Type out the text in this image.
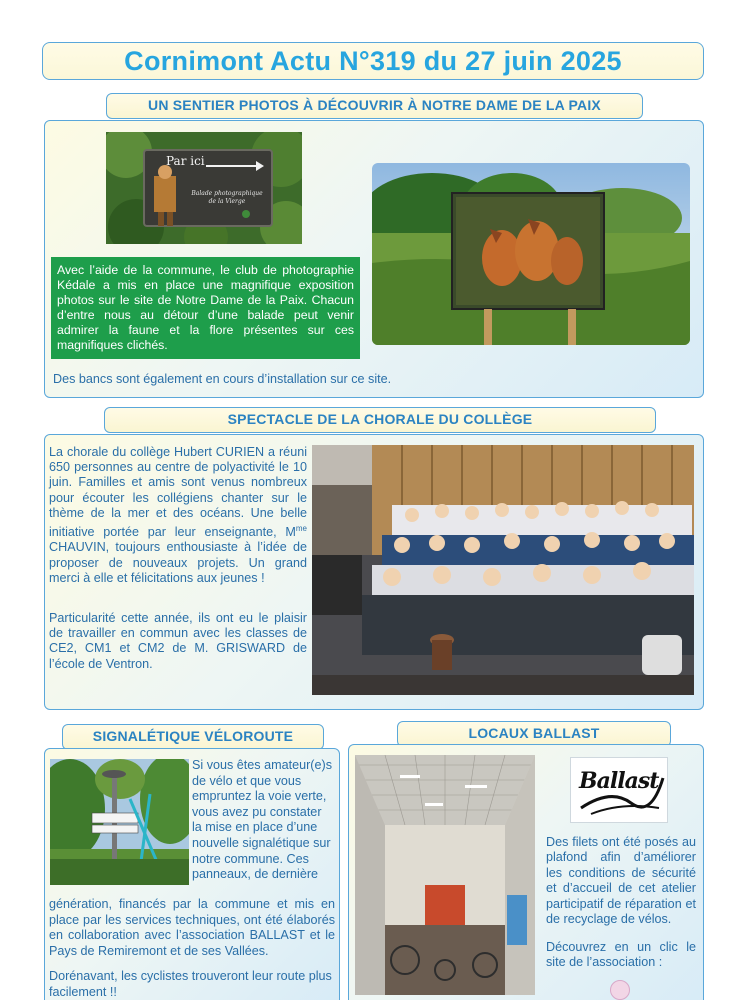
Cornimont Actu N°319 du 27 juin 2025
UN SENTIER PHOTOS À DÉCOUVRIR À NOTRE DAME DE LA PAIX
Par ici
Balade photographique
de la Vierge
Avec l’aide de la commune, le club de photographie Kédale a mis en place une magnifique exposition photos sur le site de Notre Dame de la Paix. Chacun d’entre nous au détour d’une balade peut venir admirer la faune et la flore présentes sur ces magnifiques clichés.
Des bancs sont également en cours d’installation sur ce site.
SPECTACLE DE LA CHORALE DU COLLÈGE
La chorale du collège Hubert CURIEN a réuni 650 personnes au centre de polyactivité le 10 juin. Familles et amis sont venus nombreux pour écouter les collégiens chanter sur le thème de la mer et des océans. Une belle initiative portée par leur enseignante, $M^{me}$ CHAUVIN, toujours enthousiaste à l’idée de proposer de nouveaux projets. Un grand merci à elle et félicitations aux jeunes !
Particularité cette année, ils ont eu le plaisir de travailler en commun avec les classes de CE2, CM1 et CM2 de M. GRISWARD de l’école de Ventron.
SIGNALÉTIQUE VÉLOROUTE
Si vous êtes amateur(e)s de vélo et que vous empruntez la voie verte, vous avez pu constater la mise en place d’une nouvelle signalétique sur notre commune. Ces panneaux, de dernière
génération, financés par la commune et mis en place par les services techniques, ont été élaborés en collaboration avec l’association BALLAST et le Pays de Remiremont et de ses Vallées.
Dorénavant, les cyclistes trouveront leur route plus facilement !!
LOCAUX BALLAST
Ballast
Des filets ont été posés au plafond afin d’améliorer les conditions de sécurité et d’accueil de cet atelier participatif de réparation et de recyclage de vélos.
Découvrez en un clic le site de l’association :
